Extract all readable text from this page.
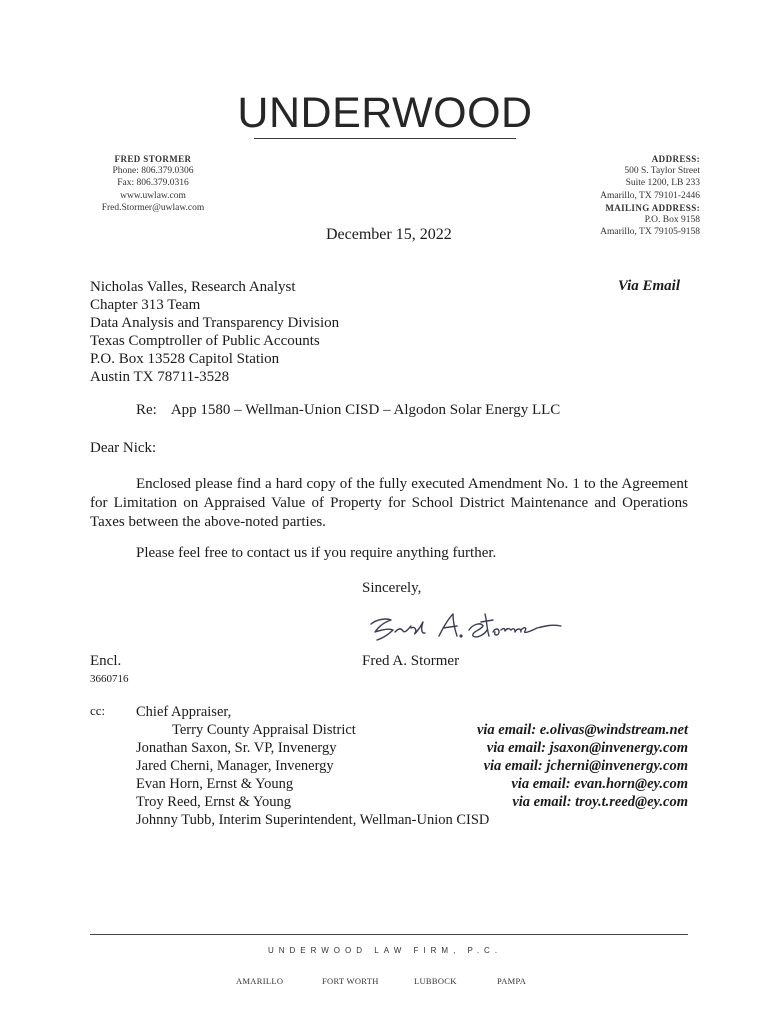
UNDERWOOD
FRED STORMER
Phone: 806.379.0306
Fax: 806.379.0316
www.uwlaw.com
Fred.Stormer@uwlaw.com
ADDRESS:
500 S. Taylor Street
Suite 1200, LB 233
Amarillo, TX 79101-2446
MAILING ADDRESS:
P.O. Box 9158
Amarillo, TX 79105-9158
December 15, 2022
Nicholas Valles, Research Analyst
Chapter 313 Team
Data Analysis and Transparency Division
Texas Comptroller of Public Accounts
P.O. Box 13528 Capitol Station
Austin TX 78711-3528
Via Email
Re: App 1580 – Wellman-Union CISD – Algodon Solar Energy LLC
Dear Nick:
Enclosed please find a hard copy of the fully executed Amendment No. 1 to the Agreement for Limitation on Appraised Value of Property for School District Maintenance and Operations Taxes between the above-noted parties.
Please feel free to contact us if you require anything further.
Sincerely,
Fred A. Stormer
Encl.
3660716
cc: Chief Appraiser,
Terry County Appraisal District	via email: e.olivas@windstream.net
Jonathan Saxon, Sr. VP, Invenergy	via email: jsaxon@invenergy.com
Jared Cherni, Manager, Invenergy	via email: jcherni@invenergy.com
Evan Horn, Ernst & Young	via email: evan.horn@ey.com
Troy Reed, Ernst & Young	via email: troy.t.reed@ey.com
Johnny Tubb, Interim Superintendent, Wellman-Union CISD
UNDERWOOD LAW FIRM, P.C.
AMARILLO	FORT WORTH	LUBBOCK	PAMPA
